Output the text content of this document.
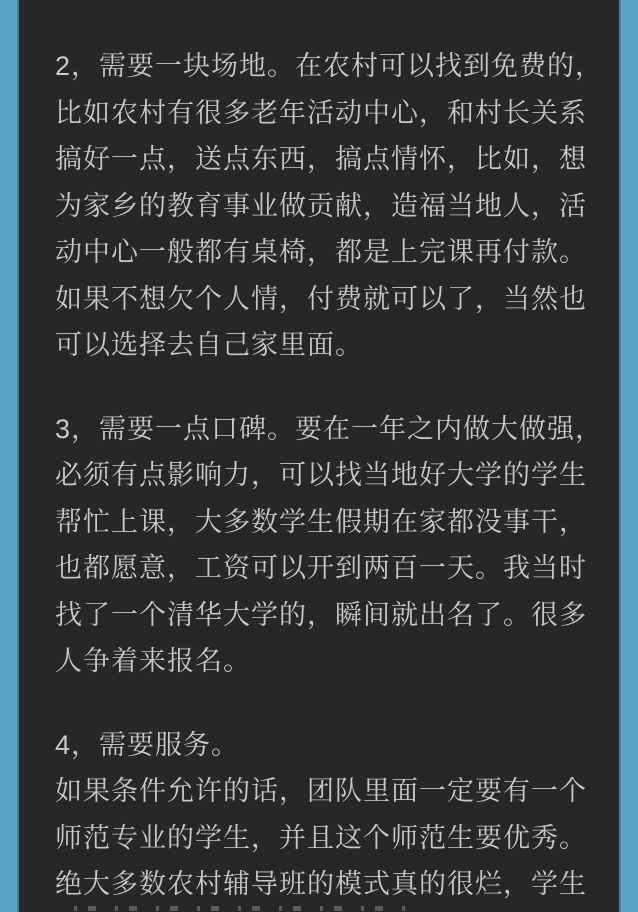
2，需要一块场地。在农村可以找到免费的，
比如农村有很多老年活动中心，和村长关系
搞好一点，送点东西，搞点情怀，比如，想
为家乡的教育事业做贡献，造福当地人，活
动中心一般都有桌椅，都是上完课再付款。
如果不想欠个人情，付费就可以了，当然也
可以选择去自己家里面。
3，需要一点口碑。要在一年之内做大做强，
必须有点影响力，可以找当地好大学的学生
帮忙上课，大多数学生假期在家都没事干，
也都愿意，工资可以开到两百一天。我当时
找了一个清华大学的，瞬间就出名了。很多
人争着来报名。
4，需要服务。
如果条件允许的话，团队里面一定要有一个
师范专业的学生，并且这个师范生要优秀。
绝大多数农村辅导班的模式真的很烂，学生
